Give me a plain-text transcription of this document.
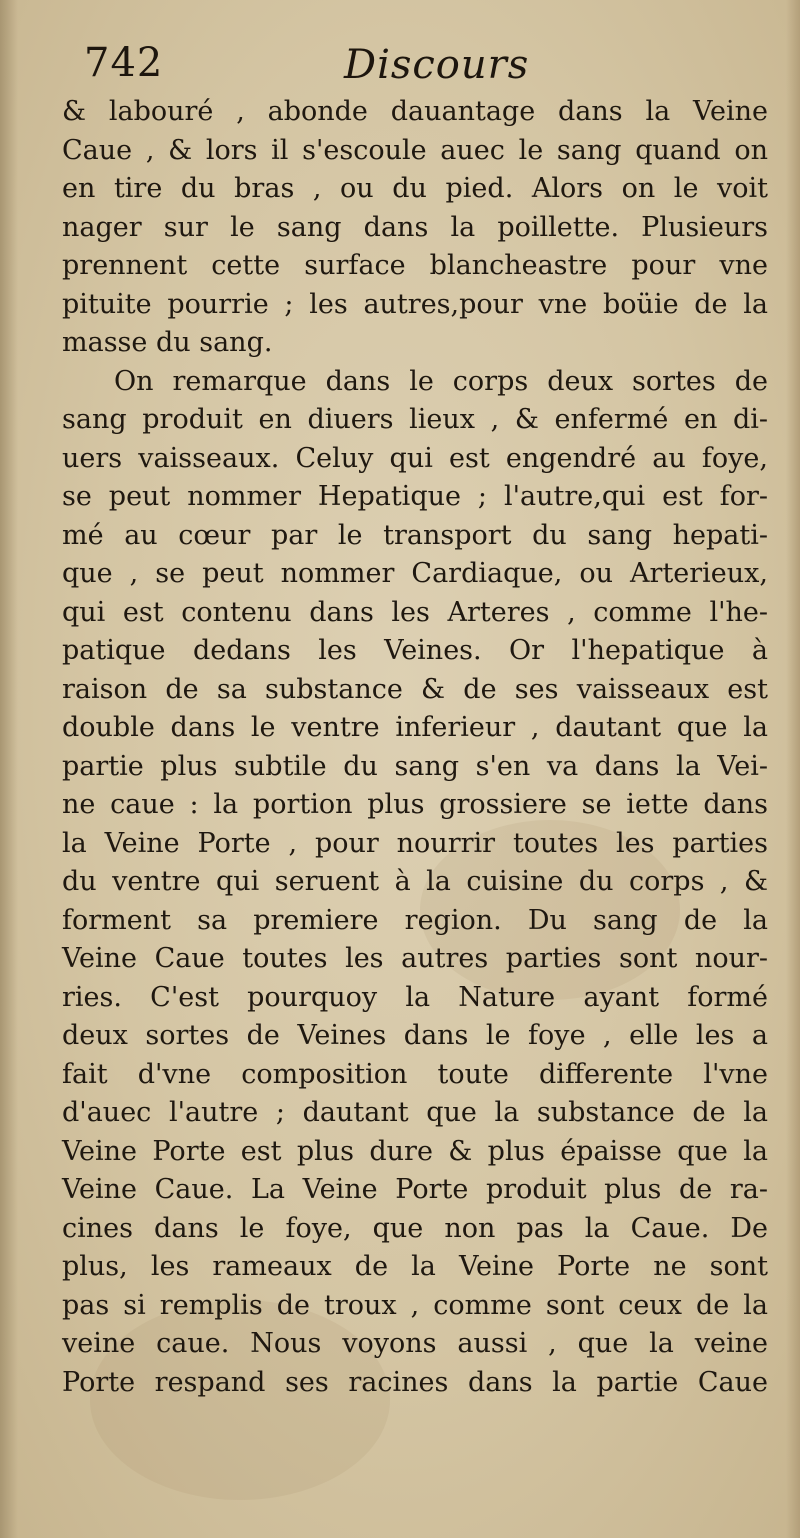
742	Discours
& labouré , abonde dauantage dans la Veine
Caue , & lors il s'escoule auec le sang quand on
en tire du bras , ou du pied. Alors on le voit
nager sur le sang dans la poillette. Plusieurs
prennent cette surface blancheastre pour vne
pituite pourrie ; les autres,pour vne boüie de la
masse du sang.
On remarque dans le corps deux sortes de
sang produit en diuers lieux , & enfermé en di-
uers vaisseaux. Celuy qui est engendré au foye,
se peut nommer Hepatique ; l'autre,qui est for-
mé au cœur par le transport du sang hepati-
que , se peut nommer Cardiaque, ou Arterieux,
qui est contenu dans les Arteres , comme l'he-
patique dedans les Veines. Or l'hepatique à
raison de sa substance & de ses vaisseaux est
double dans le ventre inferieur , dautant que la
partie plus subtile du sang s'en va dans la Vei-
ne caue : la portion plus grossiere se iette dans
la Veine Porte , pour nourrir toutes les parties
du ventre qui seruent à la cuisine du corps , &
forment sa premiere region. Du sang de la
Veine Caue toutes les autres parties sont nour-
ries. C'est pourquoy la Nature ayant formé
deux sortes de Veines dans le foye , elle les a
fait d'vne composition toute differente l'vne
d'auec l'autre ; dautant que la substance de la
Veine Porte est plus dure & plus épaisse que la
Veine Caue. La Veine Porte produit plus de ra-
cines dans le foye, que non pas la Caue. De
plus, les rameaux de la Veine Porte ne sont
pas si remplis de troux , comme sont ceux de la
veine caue. Nous voyons aussi , que la veine
Porte respand ses racines dans la partie Caue
